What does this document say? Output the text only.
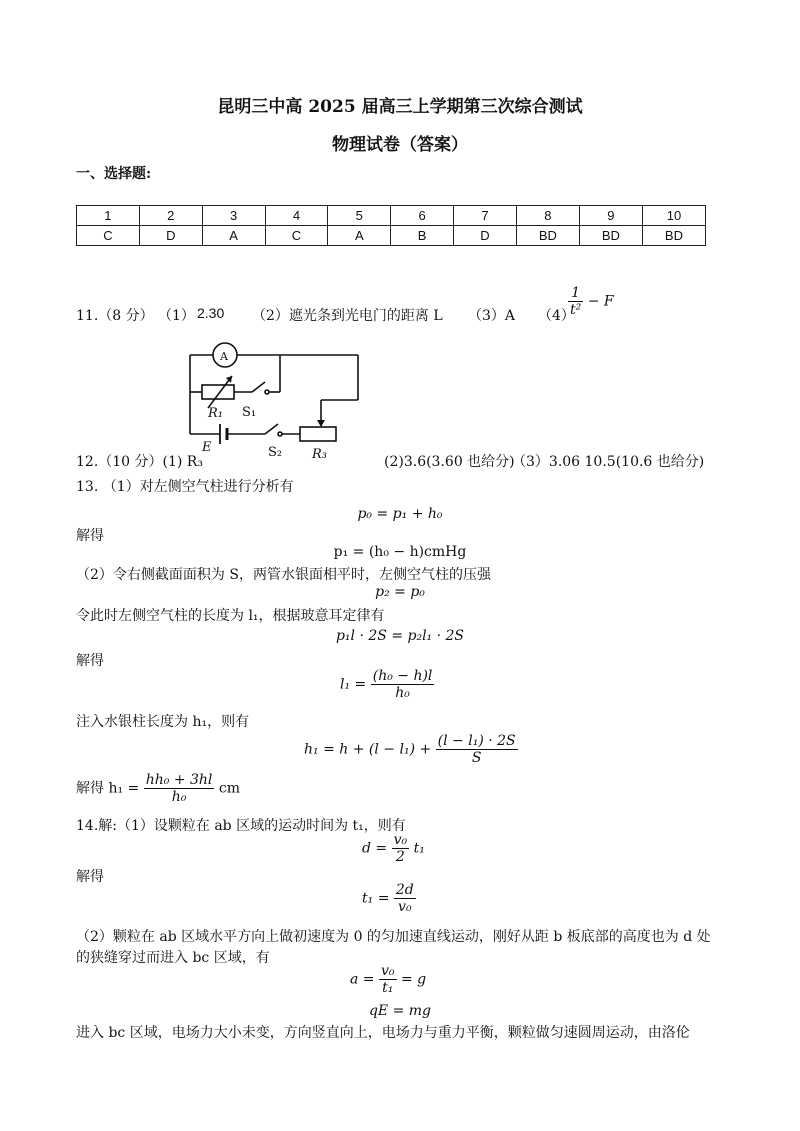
昆明三中高 2025 届高三上学期第三次综合测试
物理试卷（答案）
一、选择题:
1	2	3	4	5	6	7	8	9	10
C	D	A	C	A	B	D	BD	BD	BD
11.（8 分） （1） 2.30 （2）遮光条到光电门的距离 L （3）A （4）
$\frac{1}{\text{t²}} - F$
A
R₁ S₁
E	S₂ R₃
12.（10 分）(1) R₃	(2)3.6(3.60 也给分)
（3）3.06 10.5(10.6 也给分)
13. （1）对左侧空气柱进行分析有
p₀ = p₁ + h₀
解得
p₁ = (h₀ − h)cmHg
（2）令右侧截面面积为 S，两管水银面相平时，左侧空气柱的压强
p₂ = p₀
令此时左侧空气柱的长度为 l₁，根据玻意耳定律有
p₁l · 2S = p₂l₁ · 2S
解得
$l_1 = \frac{\text{(h₀ − h)l}}{\text{h₀}}$
注入水银柱长度为 h₁，则有
$h_1 = h + (l - l_1) + \frac{\text{(l − l₁) · 2S}}{S}$
解得 $h_1 = \frac{\text{hh₀ + 3hl}}{\text{h₀}}$ cm
14.解:（1）设颗粒在 ab 区域的运动时间为 t₁，则有
$d = \frac{\text{v₀}}{2} t_1$
解得
$t_1 = \frac{2d}{\text{v₀}}$
（2）颗粒在 ab 区域水平方向上做初速度为 0 的匀加速直线运动，刚好从距 b 板底部的高度也为 d 处
的狭缝穿过而进入 bc 区域，有
$a = \frac{\text{v₀}}{\text{t₁}} = g$
qE = mg
进入 bc 区域，电场力大小未变，方向竖直向上，电场力与重力平衡，颗粒做匀速圆周运动，由洛伦
